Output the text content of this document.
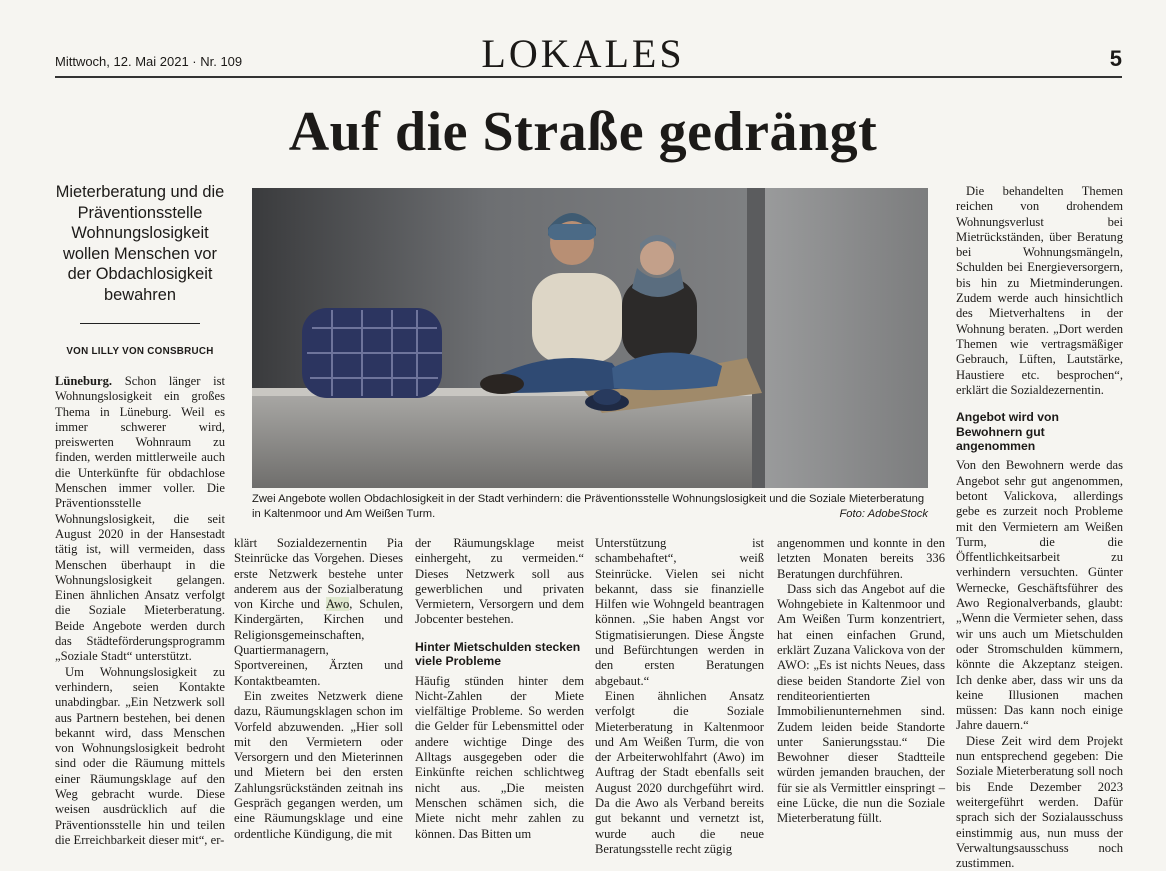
Mittwoch, 12. Mai 2021 · Nr. 109	LOKALES	5
Auf die Straße gedrängt
Mieterberatung und die Präventionsstelle Wohnungslosigkeit wollen Menschen vor der Obdachlosigkeit bewahren
VON LILLY VON CONSBRUCH
Zwei Angebote wollen Obdachlosigkeit in der Stadt verhindern: die Präventionsstelle Wohnungslosigkeit und die Soziale Mieterberatung in Kaltenmoor und Am Weißen Turm.	Foto: AdobeStock

Lüneburg. Schon länger ist Wohnungslosigkeit ein großes Thema in Lüneburg. Weil es immer schwerer wird, preiswerten Wohnraum zu finden, werden mittlerweile auch die Unterkünfte für obdachlose Menschen immer voller. Die Präventionsstelle Wohnungslosigkeit, die seit August 2020 in der Hansestadt tätig ist, will vermeiden, dass Menschen überhaupt in die Wohnungslosigkeit gelangen. Einen ähnlichen Ansatz verfolgt die Soziale Mieterberatung. Beide Angebote werden durch das Städteförderungsprogramm „Soziale Stadt“ unterstützt.

Um Wohnungslosigkeit zu verhindern, seien Kontakte unabdingbar. „Ein Netzwerk soll aus Partnern bestehen, bei denen bekannt wird, dass Menschen von Wohnungslosigkeit bedroht sind oder die Räumung mittels einer Räumungsklage auf den Weg gebracht wurde. Diese weisen ausdrücklich auf die Präventionsstelle hin und teilen die Erreichbarkeit dieser mit“, er-

klärt Sozialdezernentin Pia Steinrücke das Vorgehen. Dieses erste Netzwerk bestehe unter anderem aus der Sozialberatung von Kirche und Awo, Schulen, Kindergärten, Kirchen und Religionsgemeinschaften, Quartiermanagern, Sportvereinen, Ärzten und Kontaktbeamten.

Ein zweites Netzwerk diene dazu, Räumungsklagen schon im Vorfeld abzuwenden. „Hier soll mit den Vermietern oder Versorgern und den Mieterinnen und Mietern bei den ersten Zahlungsrückständen zeitnah ins Gespräch gegangen werden, um eine Räumungsklage und eine ordentliche Kündigung, die mit

der Räumungsklage meist einhergeht, zu vermeiden.“ Dieses Netzwerk soll aus gewerblichen und privaten Vermietern, Versorgern und dem Jobcenter bestehen.

Hinter Mietschulden stecken viele Probleme

Häufig stünden hinter dem Nicht-Zahlen der Miete vielfältige Probleme. So werden die Gelder für Lebensmittel oder andere wichtige Dinge des Alltags ausgegeben oder die Einkünfte reichen schlichtweg nicht aus. „Die meisten Menschen schämen sich, die Miete nicht mehr zahlen zu können. Das Bitten um

Unterstützung ist schambehaftet“, weiß Steinrücke. Vielen sei nicht bekannt, dass sie finanzielle Hilfen wie Wohngeld beantragen können. „Sie haben Angst vor Stigmatisierungen. Diese Ängste und Befürchtungen werden in den ersten Beratungen abgebaut.“

Einen ähnlichen Ansatz verfolgt die Soziale Mieterberatung in Kaltenmoor und Am Weißen Turm, die von der Arbeiterwohlfahrt (Awo) im Auftrag der Stadt ebenfalls seit August 2020 durchgeführt wird. Da die Awo als Verband bereits gut bekannt und vernetzt ist, wurde auch die neue Beratungsstelle recht zügig

angenommen und konnte in den letzten Monaten bereits 336 Beratungen durchführen.

Dass sich das Angebot auf die Wohngebiete in Kaltenmoor und Am Weißen Turm konzentriert, hat einen einfachen Grund, erklärt Zuzana Valickova von der AWO: „Es ist nichts Neues, dass diese beiden Standorte Ziel von renditeorientierten Immobilienunternehmen sind. Zudem leiden beide Standorte unter Sanierungsstau.“ Die Bewohner dieser Stadtteile würden jemanden brauchen, der für sie als Vermittler einspringt – eine Lücke, die nun die Soziale Mieterberatung füllt.

Die behandelten Themen reichen von drohendem Wohnungsverlust bei Mietrückständen, über Beratung bei Wohnungsmängeln, Schulden bei Energieversorgern, bis hin zu Mietminderungen. Zudem werde auch hinsichtlich des Mietverhaltens in der Wohnung beraten. „Dort werden Themen wie vertragsmäßiger Gebrauch, Lüften, Lautstärke, Haustiere etc. besprochen“, erklärt die Sozialdezernentin.

Angebot wird von Bewohnern gut angenommen

Von den Bewohnern werde das Angebot sehr gut angenommen, betont Valickova, allerdings gebe es zurzeit noch Probleme mit den Vermietern am Weißen Turm, die die Öffentlichkeitsarbeit zu verhindern versuchten. Günter Wernecke, Geschäftsführer des Awo Regionalverbands, glaubt: „Wenn die Vermieter sehen, dass wir uns auch um Mietschulden oder Stromschulden kümmern, könnte die Akzeptanz steigen. Ich denke aber, dass wir uns da keine Illusionen machen müssen: Das kann noch einige Jahre dauern.“

Diese Zeit wird dem Projekt nun entsprechend gegeben: Die Soziale Mieterberatung soll noch bis Ende Dezember 2023 weitergeführt werden. Dafür sprach sich der Sozialausschuss einstimmig aus, nun muss der Verwaltungsausschuss noch zustimmen.
